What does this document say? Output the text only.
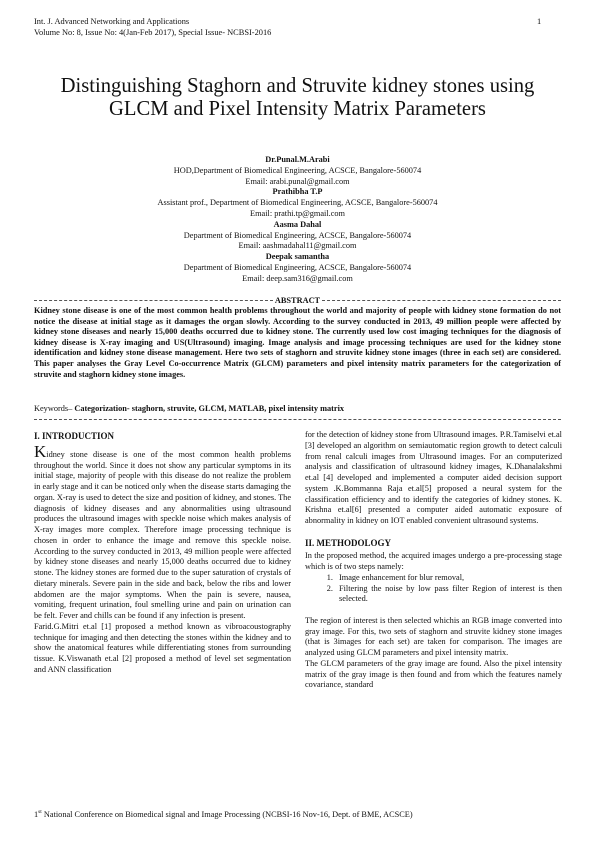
Int. J. Advanced Networking and Applications
Volume No: 8, Issue No: 4(Jan-Feb 2017), Special Issue- NCBSI-2016
1
Distinguishing Staghorn and Struvite kidney stones using GLCM and Pixel Intensity Matrix Parameters
Dr.Punal.M.Arabi
HOD,Department of Biomedical Engineering, ACSCE, Bangalore-560074
Email: arabi.punal@gmail.com
Prathibha T.P
Assistant prof., Department of Biomedical Engineering, ACSCE, Bangalore-560074
Email: prathi.tp@gmail.com
Aasma Dahal
Department of Biomedical Engineering, ACSCE, Bangalore-560074
Email: aashmadahal11@gmail.com
Deepak samantha
Department of Biomedical Engineering, ACSCE, Bangalore-560074
Email: deep.sam316@gmail.com
ABSTRACT
Kidney stone disease is one of the most common health problems throughout the world and majority of people with kidney stone formation do not notice the disease at initial stage as it damages the organ slowly. According to the survey conducted in 2013, 49 million people were affected by kidney stone diseases and nearly 15,000 deaths occurred due to kidney stone. The currently used low cost imaging techniques for the diagnosis of kidney disease is X-ray imaging and US(Ultrasound) imaging. Image analysis and image processing techniques are used for the kidney stone identification and kidney stone disease management. Here two sets of staghorn and struvite kidney stone images (three in each set) are considered. This paper analyses the Gray Level Co-occurrence Matrix (GLCM) parameters and pixel intensity matrix parameters for the categorization of struvite and staghorn kidney stone images.
Keywords– Categorization- staghorn, struvite, GLCM, MATLAB, pixel intensity matrix
I. INTRODUCTION

Kidney stone disease is one of the most common health problems throughout the world. Since it does not show any particular symptoms in its initial stage, majority of people with this disease do not realize the problem in early stage and it can be noticed only when the disease starts damaging the organ. X-ray is used to detect the size and position of kidney, and stones. The diagnosis of kidney diseases and any abnormalities using ultrasound produces the ultrasound images with speckle noise which makes analysis of X-ray images more complex. Therefore image processing technique is chosen in order to enhance the image and remove this speckle noise. According to the survey conducted in 2013, 49 million people were affected by kidney stone diseases and nearly 15,000 deaths occurred due to kidney stone. The kidney stones are formed due to the super saturation of crystals of dietary minerals. Severe pain in the side and back, below the ribs and lower abdomen are the major symptoms. When the pain is severe, nausea, vomiting, frequent urination, foul smelling urine and pain on urination can be felt. Fever and chills can be found if any infection is present.

Farid.G.Mitri et.al [1] proposed a method known as vibroacoustography technique for imaging and then detecting the stones within the kidney and to show the anatomical features while differentiating stones from surrounding tissue. K.Viswanath et.al [2] proposed a method of level set segmentation and ANN classification

for the detection of kidney stone from Ultrasound images. P.R.Tamiselvi et.al [3] developed an algorithm on semiautomatic region growth to detect calculi from renal calculi images from Ultrasound images. For an computerized analysis and classification of ultrasound kidney images, K.Dhanalakshmi et.al [4] developed and implemented a computer aided decision support system .K.Bommanna Raja et.al[5] proposed a neural system for the classification efficiency and to identify the categories of kidney stones. K. Krishna et.al[6] presented a computer aided automatic exposure of abnormality in kidney on IOT enabled convenient ultrasound systems.

II. METHODOLOGY

In the proposed method, the acquired images undergo a pre-processing stage which is of two steps namely:

1. Image enhancement for blur removal,
2. Filtering the noise by low pass filter Region of interest is then selected.

The region of interest is then selected whichis an RGB image converted into gray image. For this, two sets of staghorn and struvite kidney stone images (that is 3images for each set) are taken for comparison. The images are analyzed using GLCM parameters and pixel intensity matrix.

The GLCM parameters of the gray image are found. Also the pixel intensity matrix of the gray image is then found and from which the features namely covariance, standard

1st National Conference on Biomedical signal and Image Processing (NCBSI-16 Nov-16, Dept. of BME, ACSCE)
